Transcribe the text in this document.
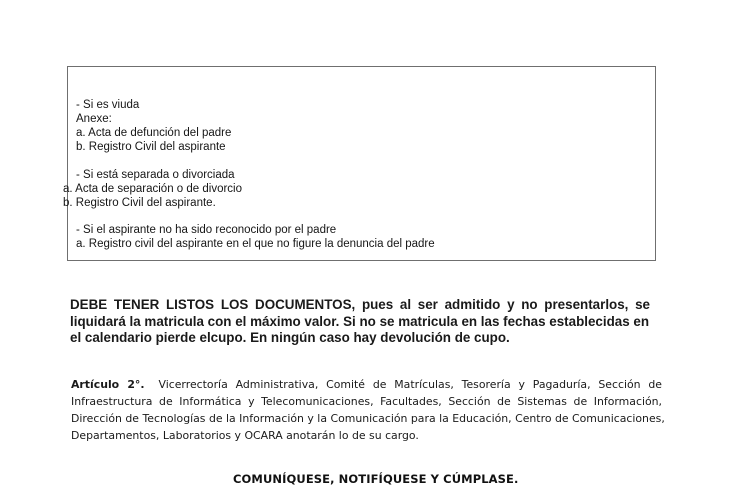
- Si es viuda
Anexe:
a. Acta de defunción del padre
b. Registro Civil del aspirante
- Si está separada o divorciada
a. Acta de separación o de divorcio
b. Registro Civil del aspirante.
- Si el aspirante no ha sido reconocido por el padre
a. Registro civil del aspirante en el que no figure la denuncia del padre
DEBE TENER LISTOS LOS DOCUMENTOS, pues al ser admitido y no presentarlos, se
liquidará la matricula con el máximo valor. Si no se matricula en las fechas establecidas en
el calendario pierde elcupo. En ningún caso hay devolución de cupo.
Artículo 2°. Vicerrectoría Administrativa, Comité de Matrículas, Tesorería y Pagaduría, Sección de
Infraestructura de Informática y Telecomunicaciones, Facultades, Sección de Sistemas de Información,
Dirección de Tecnologías de la Información y la Comunicación para la Educación, Centro de Comunicaciones,
Departamentos, Laboratorios y OCARA anotarán lo de su cargo.
COMUNÍQUESE, NOTIFÍQUESE Y CÚMPLASE.
